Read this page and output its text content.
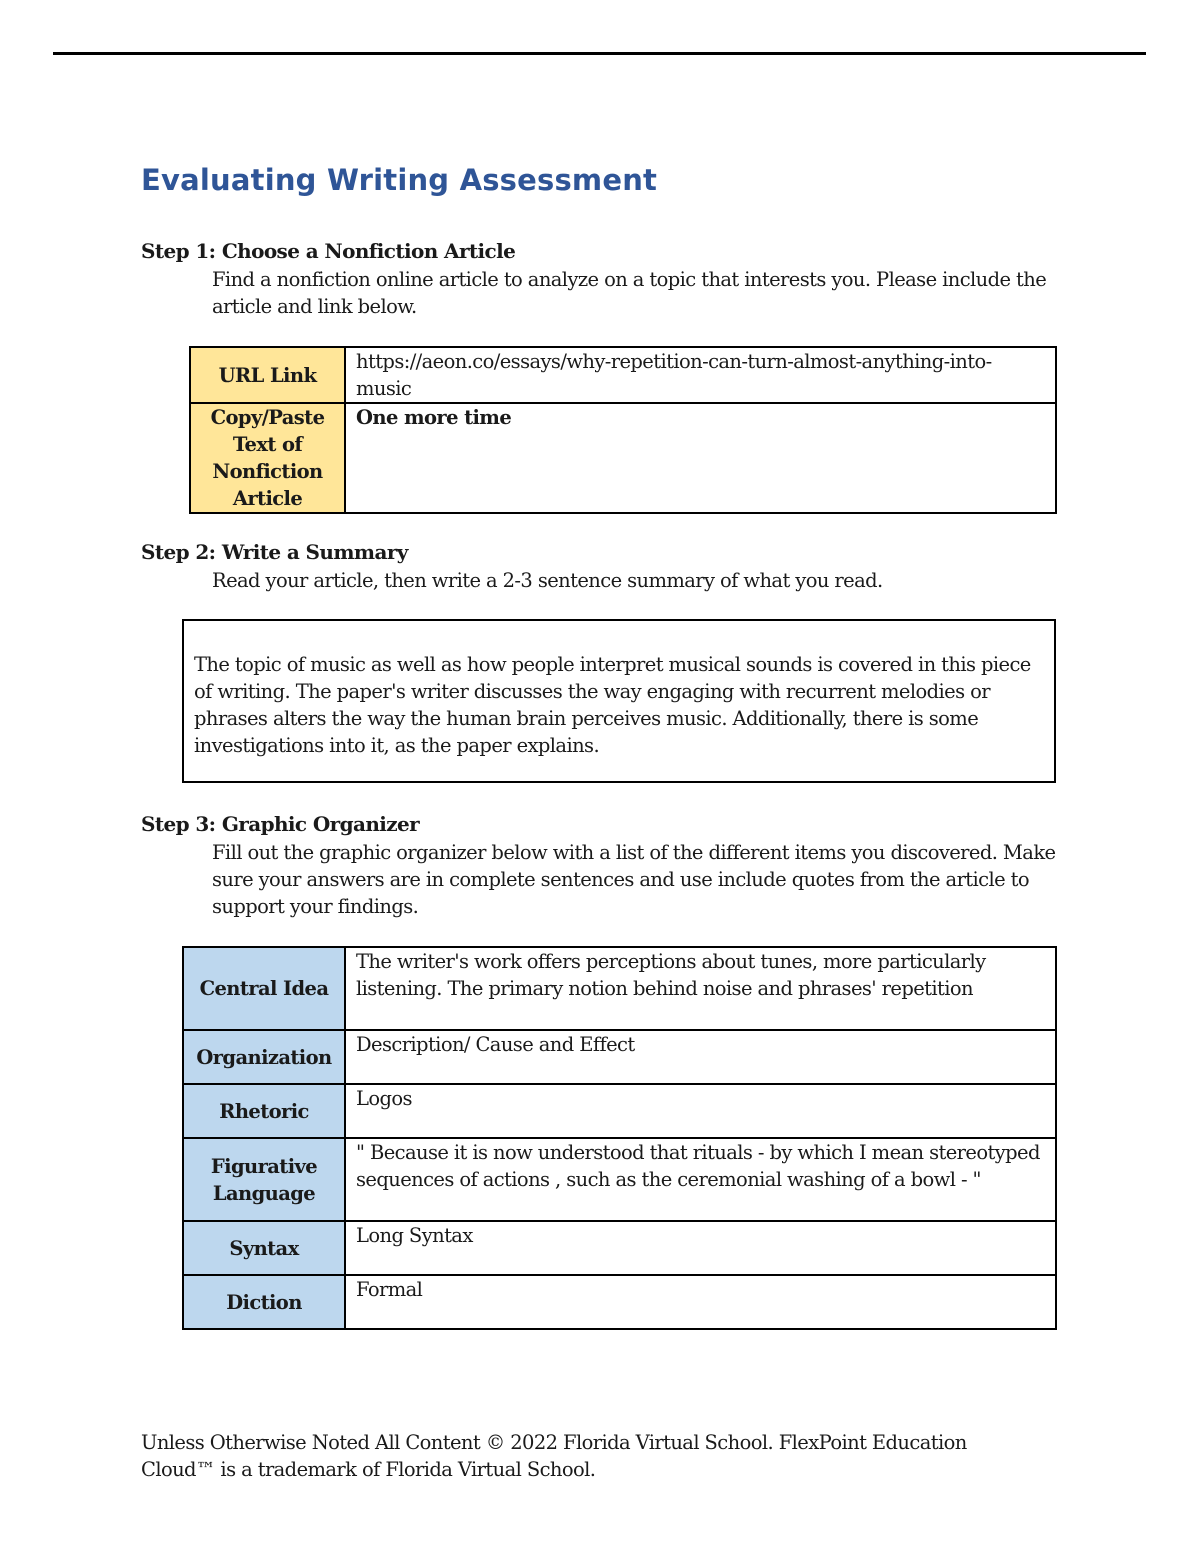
Evaluating Writing Assessment
Step 1: Choose a Nonfiction Article
Find a nonfiction online article to analyze on a topic that interests you. Please include the article and link below.
URL Link	https://aeon.co/essays/why-repetition-can-turn-almost-anything-into-music
Copy/Paste Text of Nonfiction Article	One more time
Step 2: Write a Summary
Read your article, then write a 2-3 sentence summary of what you read.
The topic of music as well as how people interpret musical sounds is covered in this piece of writing. The paper's writer discusses the way engaging with recurrent melodies or phrases alters the way the human brain perceives music. Additionally, there is some investigations into it, as the paper explains.
Step 3: Graphic Organizer
Fill out the graphic organizer below with a list of the different items you discovered. Make sure your answers are in complete sentences and use include quotes from the article to support your findings.
Central Idea	The writer's work offers perceptions about tunes, more particularly listening. The primary notion behind noise and phrases' repetition
Organization	Description/ Cause and Effect
Rhetoric	Logos
Figurative Language	" Because it is now understood that rituals - by which I mean stereotyped sequences of actions , such as the ceremonial washing of a bowl - "
Syntax	Long Syntax
Diction	Formal
Unless Otherwise Noted All Content © 2022 Florida Virtual School. FlexPoint Education Cloud™ is a trademark of Florida Virtual School.
